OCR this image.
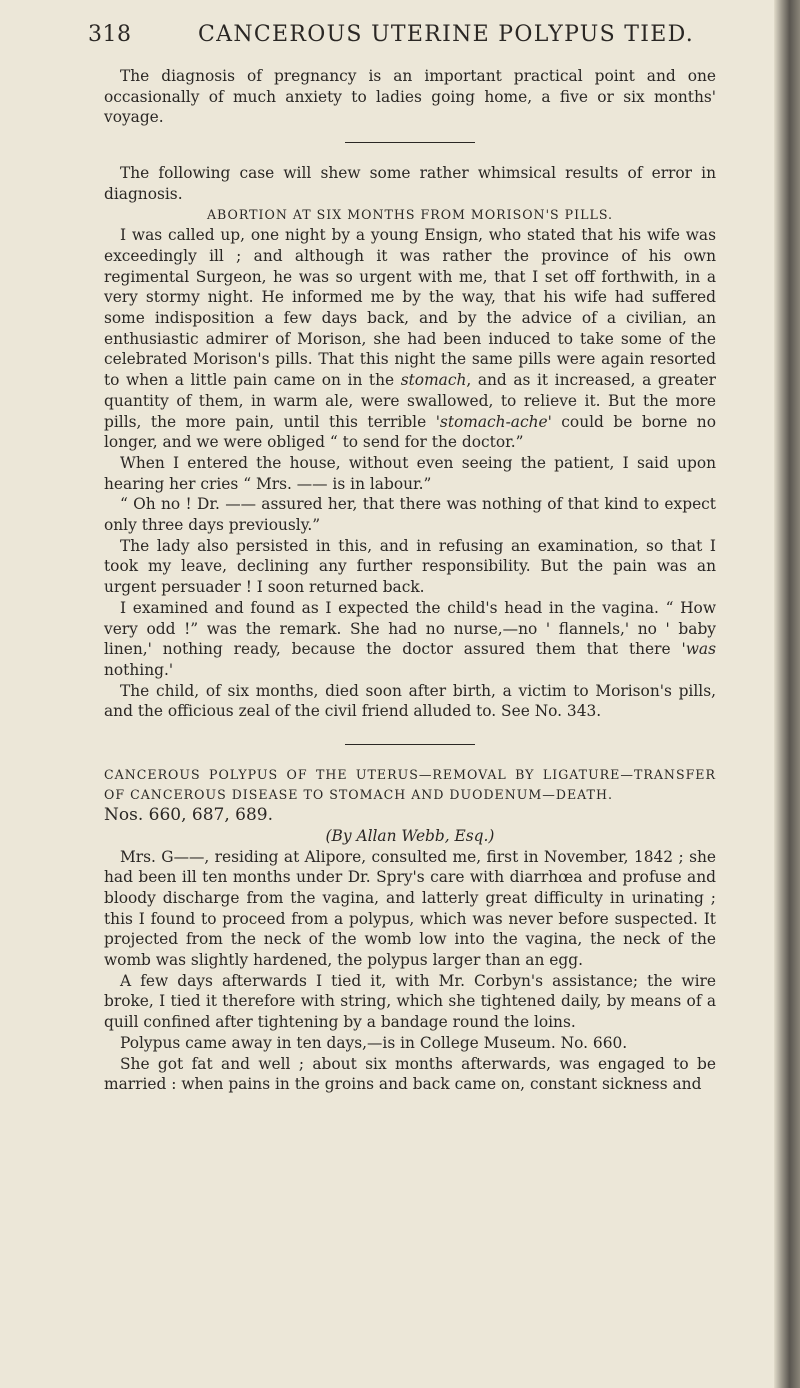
318	CANCEROUS UTERINE POLYPUS TIED.

The diagnosis of pregnancy is an important practical point and one occasionally of much anxiety to ladies going home, a five or six months' voyage.

The following case will shew some rather whimsical results of error in diagnosis.

ABORTION AT SIX MONTHS FROM MORISON'S PILLS.

I was called up, one night by a young Ensign, who stated that his wife was exceedingly ill ; and although it was rather the province of his own regimental Surgeon, he was so urgent with me, that I set off forthwith, in a very stormy night. He informed me by the way, that his wife had suffered some indisposition a few days back, and by the advice of a civilian, an enthusiastic admirer of Morison, she had been induced to take some of the celebrated Morison's pills. That this night the same pills were again resorted to when a little pain came on in the stomach, and as it increased, a greater quantity of them, in warm ale, were swallowed, to relieve it. But the more pills, the more pain, until this terrible 'stomach-ache' could be borne no longer, and we were obliged “ to send for the doctor.”

When I entered the house, without even seeing the patient, I said upon hearing her cries “ Mrs. —— is in labour.”

“ Oh no ! Dr. —— assured her, that there was nothing of that kind to expect only three days previously.”

The lady also persisted in this, and in refusing an examination, so that I took my leave, declining any further responsibility. But the pain was an urgent persuader ! I soon returned back.

I examined and found as I expected the child's head in the vagina. “ How very odd !” was the remark. She had no nurse,—no ' flannels,' no ' baby linen,' nothing ready, because the doctor assured them that there 'was nothing.'

The child, of six months, died soon after birth, a victim to Morison's pills, and the officious zeal of the civil friend alluded to. See No. 343.

CANCEROUS POLYPUS OF THE UTERUS—REMOVAL BY LIGATURE—TRANSFER OF CANCEROUS DISEASE TO STOMACH AND DUODENUM—DEATH.

Nos. 660, 687, 689.

(By Allan Webb, Esq.)

Mrs. G——, residing at Alipore, consulted me, first in November, 1842 ; she had been ill ten months under Dr. Spry's care with diarrhœa and profuse and bloody discharge from the vagina, and latterly great difficulty in urinating ; this I found to proceed from a polypus, which was never before suspected. It projected from the neck of the womb low into the vagina, the neck of the womb was slightly hardened, the polypus larger than an egg.

A few days afterwards I tied it, with Mr. Corbyn's assistance; the wire broke, I tied it therefore with string, which she tightened daily, by means of a quill confined after tightening by a bandage round the loins.

Polypus came away in ten days,—is in College Museum. No. 660.

She got fat and well ; about six months afterwards, was engaged to be married : when pains in the groins and back came on, constant sickness and
